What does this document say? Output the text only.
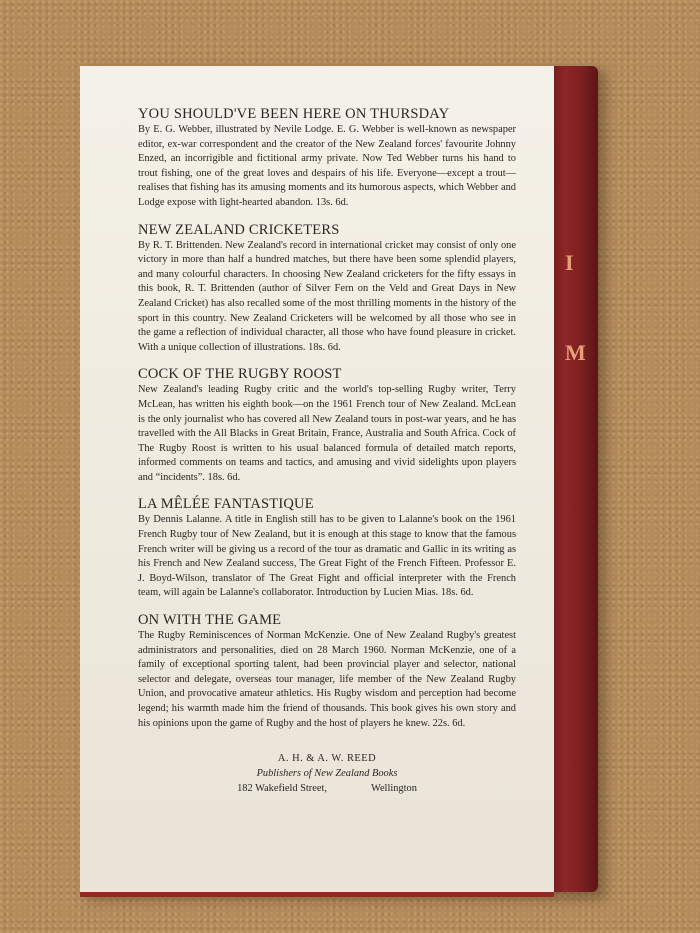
I
M

YOU SHOULD'VE BEEN HERE ON THURSDAY

By E. G. Webber, illustrated by Nevile Lodge. E. G. Webber is well-known as newspaper editor, ex-war correspondent and the creator of the New Zealand forces' favourite Johnny Enzed, an incorrigible and fictitional army private. Now Ted Webber turns his hand to trout fishing, one of the great loves and despairs of his life. Everyone—except a trout—realises that fishing has its amusing moments and its humorous aspects, which Webber and Lodge expose with light-hearted abandon. 13s. 6d.

NEW ZEALAND CRICKETERS

By R. T. Brittenden. New Zealand's record in international cricket may consist of only one victory in more than half a hundred matches, but there have been some splendid players, and many colourful characters. In choosing New Zealand cricketers for the fifty essays in this book, R. T. Brittenden (author of Silver Fern on the Veld and Great Days in New Zealand Cricket) has also recalled some of the most thrilling moments in the history of the sport in this country. New Zealand Cricketers will be welcomed by all those who see in the game a reflection of individual character, all those who have found pleasure in cricket. With a unique collection of illustrations. 18s. 6d.

COCK OF THE RUGBY ROOST

New Zealand's leading Rugby critic and the world's top-selling Rugby writer, Terry McLean, has written his eighth book—on the 1961 French tour of New Zealand. McLean is the only journalist who has covered all New Zealand tours in post-war years, and he has travelled with the All Blacks in Great Britain, France, Australia and South Africa. Cock of The Rugby Roost is written to his usual balanced formula of detailed match reports, informed comments on teams and tactics, and amusing and vivid sidelights upon players and “incidents”. 18s. 6d.

LA MÊLÉE FANTASTIQUE

By Dennis Lalanne. A title in English still has to be given to Lalanne's book on the 1961 French Rugby tour of New Zealand, but it is enough at this stage to know that the famous French writer will be giving us a record of the tour as dramatic and Gallic in its writing as his French and New Zealand success, The Great Fight of the French Fifteen. Professor E. J. Boyd-Wilson, translator of The Great Fight and official interpreter with the French team, will again be Lalanne's collaborator. Introduction by Lucien Mias. 18s. 6d.

ON WITH THE GAME

The Rugby Reminiscences of Norman McKenzie. One of New Zealand Rugby's greatest administrators and personalities, died on 28 March 1960. Norman McKenzie, one of a family of exceptional sporting talent, had been provincial player and selector, national selector and delegate, overseas tour manager, life member of the New Zealand Rugby Union, and provocative amateur athletics. His Rugby wisdom and perception had become legend; his warmth made him the friend of thousands. This book gives his own story and his opinions upon the game of Rugby and the host of players he knew. 22s. 6d.

A. H. & A. W. REED
Publishers of New Zealand Books
182 Wakefield Street,	Wellington
